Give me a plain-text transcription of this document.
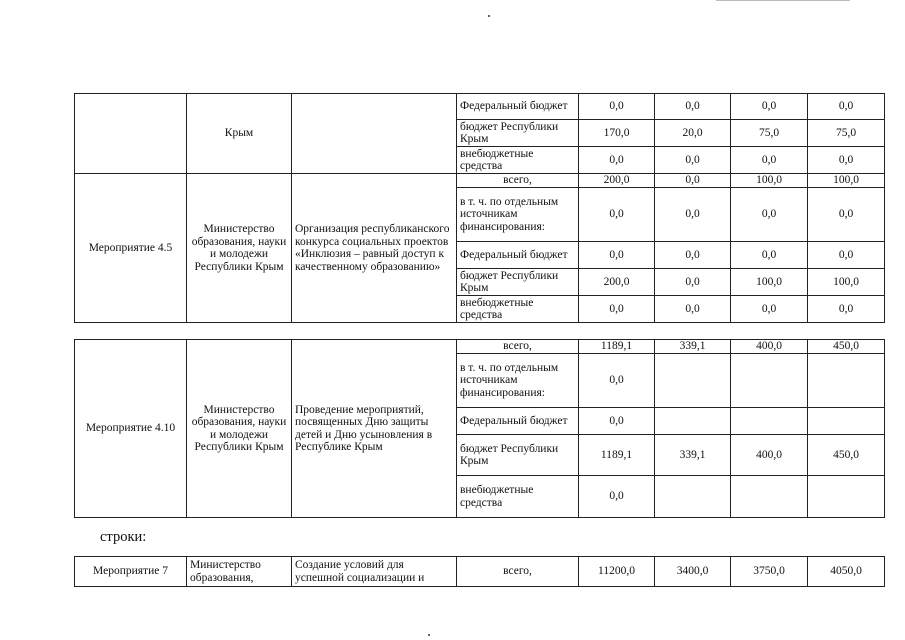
	Крым		Федеральный бюджет	0,0	0,0	0,0	0,0
			бюджет Республики Крым	170,0	20,0	75,0	75,0
			внебюджетные средства	0,0	0,0	0,0	0,0
Мероприятие 4.5	Министерство образования, науки и молодежи Республики Крым	Организация республиканского конкурса социальных проектов «Инклюзия – равный доступ к качественному образованию»	всего,	200,0	0,0	100,0	100,0
			в т. ч. по отдельным источникам финансирования:	0,0	0,0	0,0	0,0
			Федеральный бюджет	0,0	0,0	0,0	0,0
			бюджет Республики Крым	200,0	0,0	100,0	100,0
			внебюджетные средства	0,0	0,0	0,0	0,0
Мероприятие 4.10	Министерство образования, науки и молодежи Республики Крым	Проведение мероприятий, посвященных Дню защиты детей и Дню усыновления в Республике Крым	всего,	1189,1	339,1	400,0	450,0
			в т. ч. по отдельным источникам финансирования:	0,0			
			Федеральный бюджет	0,0			
			бюджет Республики Крым	1189,1	339,1	400,0	450,0
			внебюджетные средства	0,0			
строки:
Мероприятие 7	Министерство образования,	Создание условий для успешной социализации и	всего,	11200,0	3400,0	3750,0	4050,0
